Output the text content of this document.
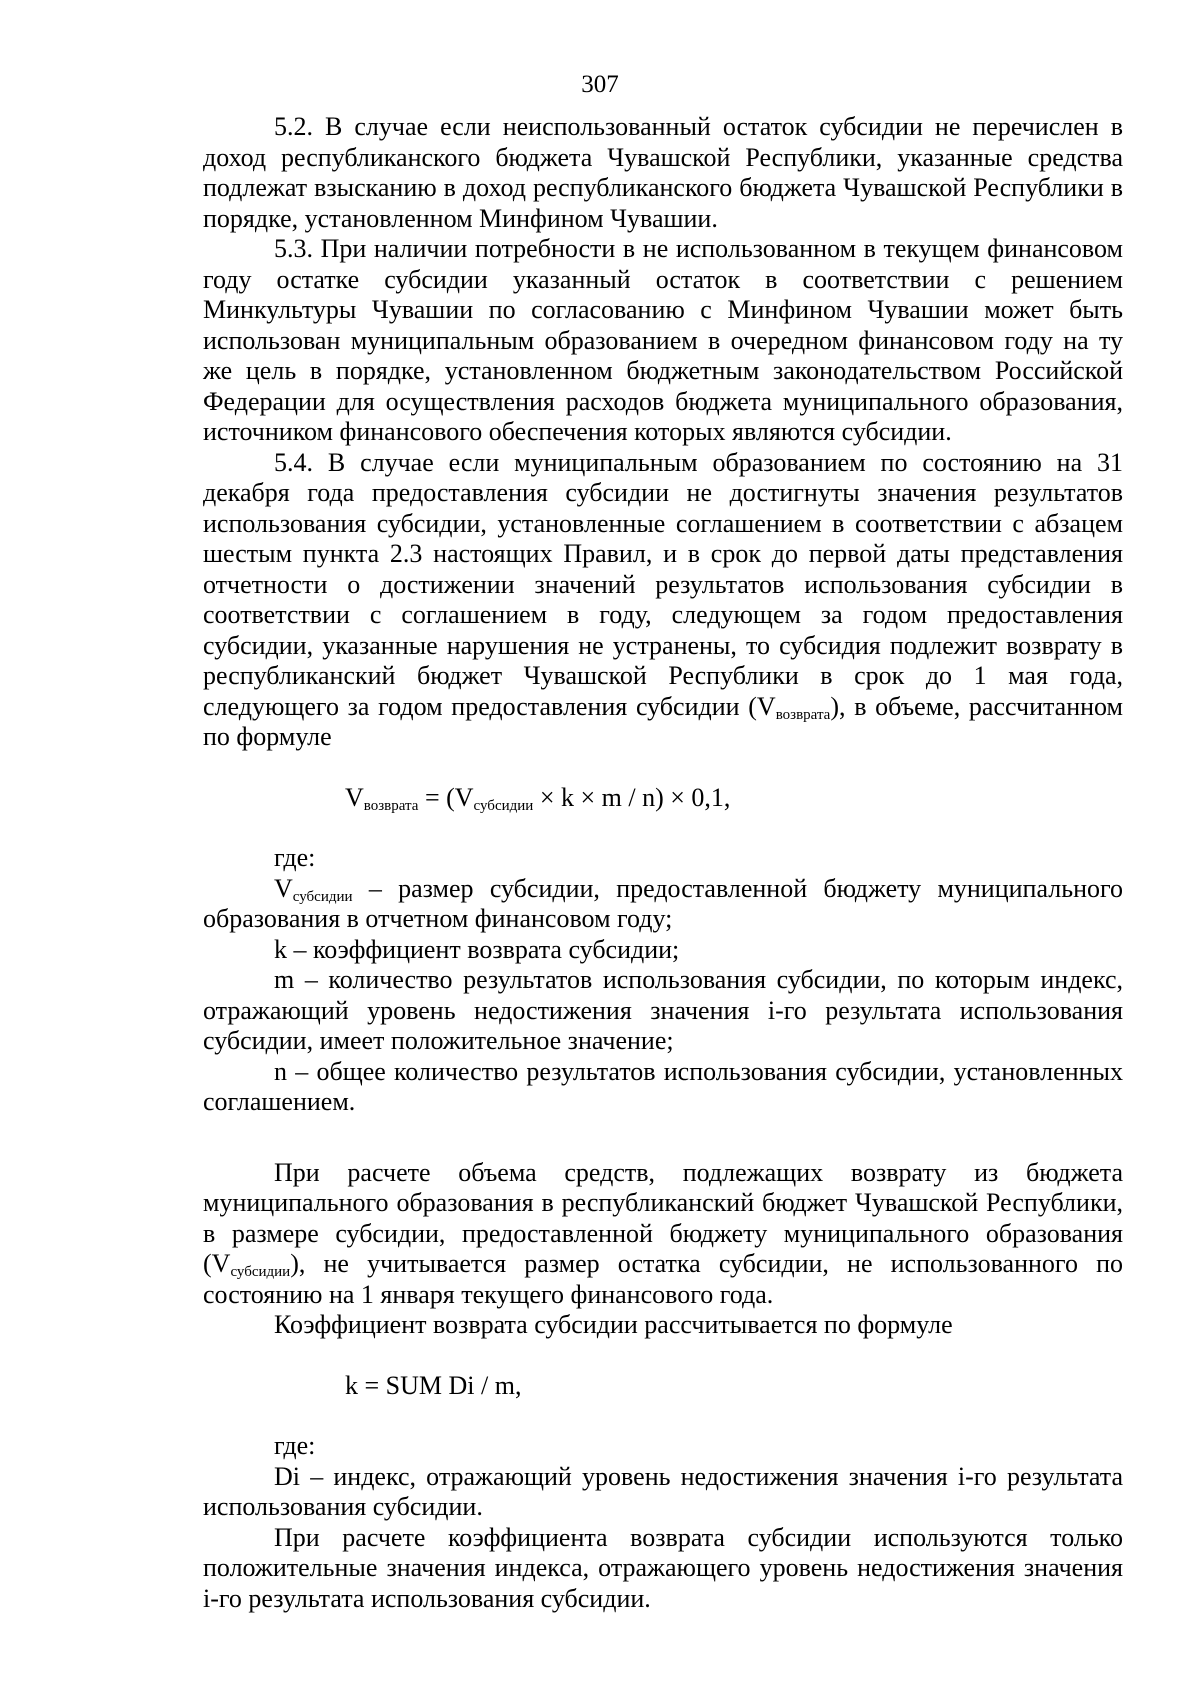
307

5.2. В случае если неиспользованный остаток субсидии не перечислен в доход республиканского бюджета Чувашской Республики, указанные средства подлежат взысканию в доход республиканского бюджета Чувашской Республики в порядке, установленном Минфином Чувашии.

5.3. При наличии потребности в не использованном в текущем финансовом году остатке субсидии указанный остаток в соответствии с решением Минкультуры Чувашии по согласованию с Минфином Чувашии может быть использован муниципальным образованием в очередном финансовом году на ту же цель в порядке, установленном бюджетным законодательством Российской Федерации для осуществления расходов бюджета муниципального образования, источником финансового обеспечения которых являются субсидии.

5.4. В случае если муниципальным образованием по состоянию на 31 декабря года предоставления субсидии не достигнуты значения результатов использования субсидии, установленные соглашением в соответствии с абзацем шестым пункта 2.3 настоящих Правил, и в срок до первой даты представления отчетности о достижении значений результатов использования субсидии в соответствии с соглашением в году, следующем за годом предоставления субсидии, указанные нарушения не устранены, то субсидия подлежит возврату в республиканский бюджет Чувашской Республики в срок до 1 мая года, следующего за годом предоставления субсидии $(V_{возврата})$, в объеме, рассчитанном по формуле

$V_{возврата} = (V_{субсидии} \times k \times m / n) \times 0,1$,

где:

$V_{субсидии}$ – размер субсидии, предоставленной бюджету муниципального образования в отчетном финансовом году;

k – коэффициент возврата субсидии;

m – количество результатов использования субсидии, по которым индекс, отражающий уровень недостижения значения i-го результата использования субсидии, имеет положительное значение;

n – общее количество результатов использования субсидии, установленных соглашением.

При расчете объема средств, подлежащих возврату из бюджета муниципального образования в республиканский бюджет Чувашской Республики, в размере субсидии, предоставленной бюджету муниципального образования $(V_{субсидии})$, не учитывается размер остатка субсидии, не использованного по состоянию на 1 января текущего финансового года.

Коэффициент возврата субсидии рассчитывается по формуле

k = SUM Di / m,

где:

Di – индекс, отражающий уровень недостижения значения i-го результата использования субсидии.

При расчете коэффициента возврата субсидии используются только положительные значения индекса, отражающего уровень недостижения значения i-го результата использования субсидии.
